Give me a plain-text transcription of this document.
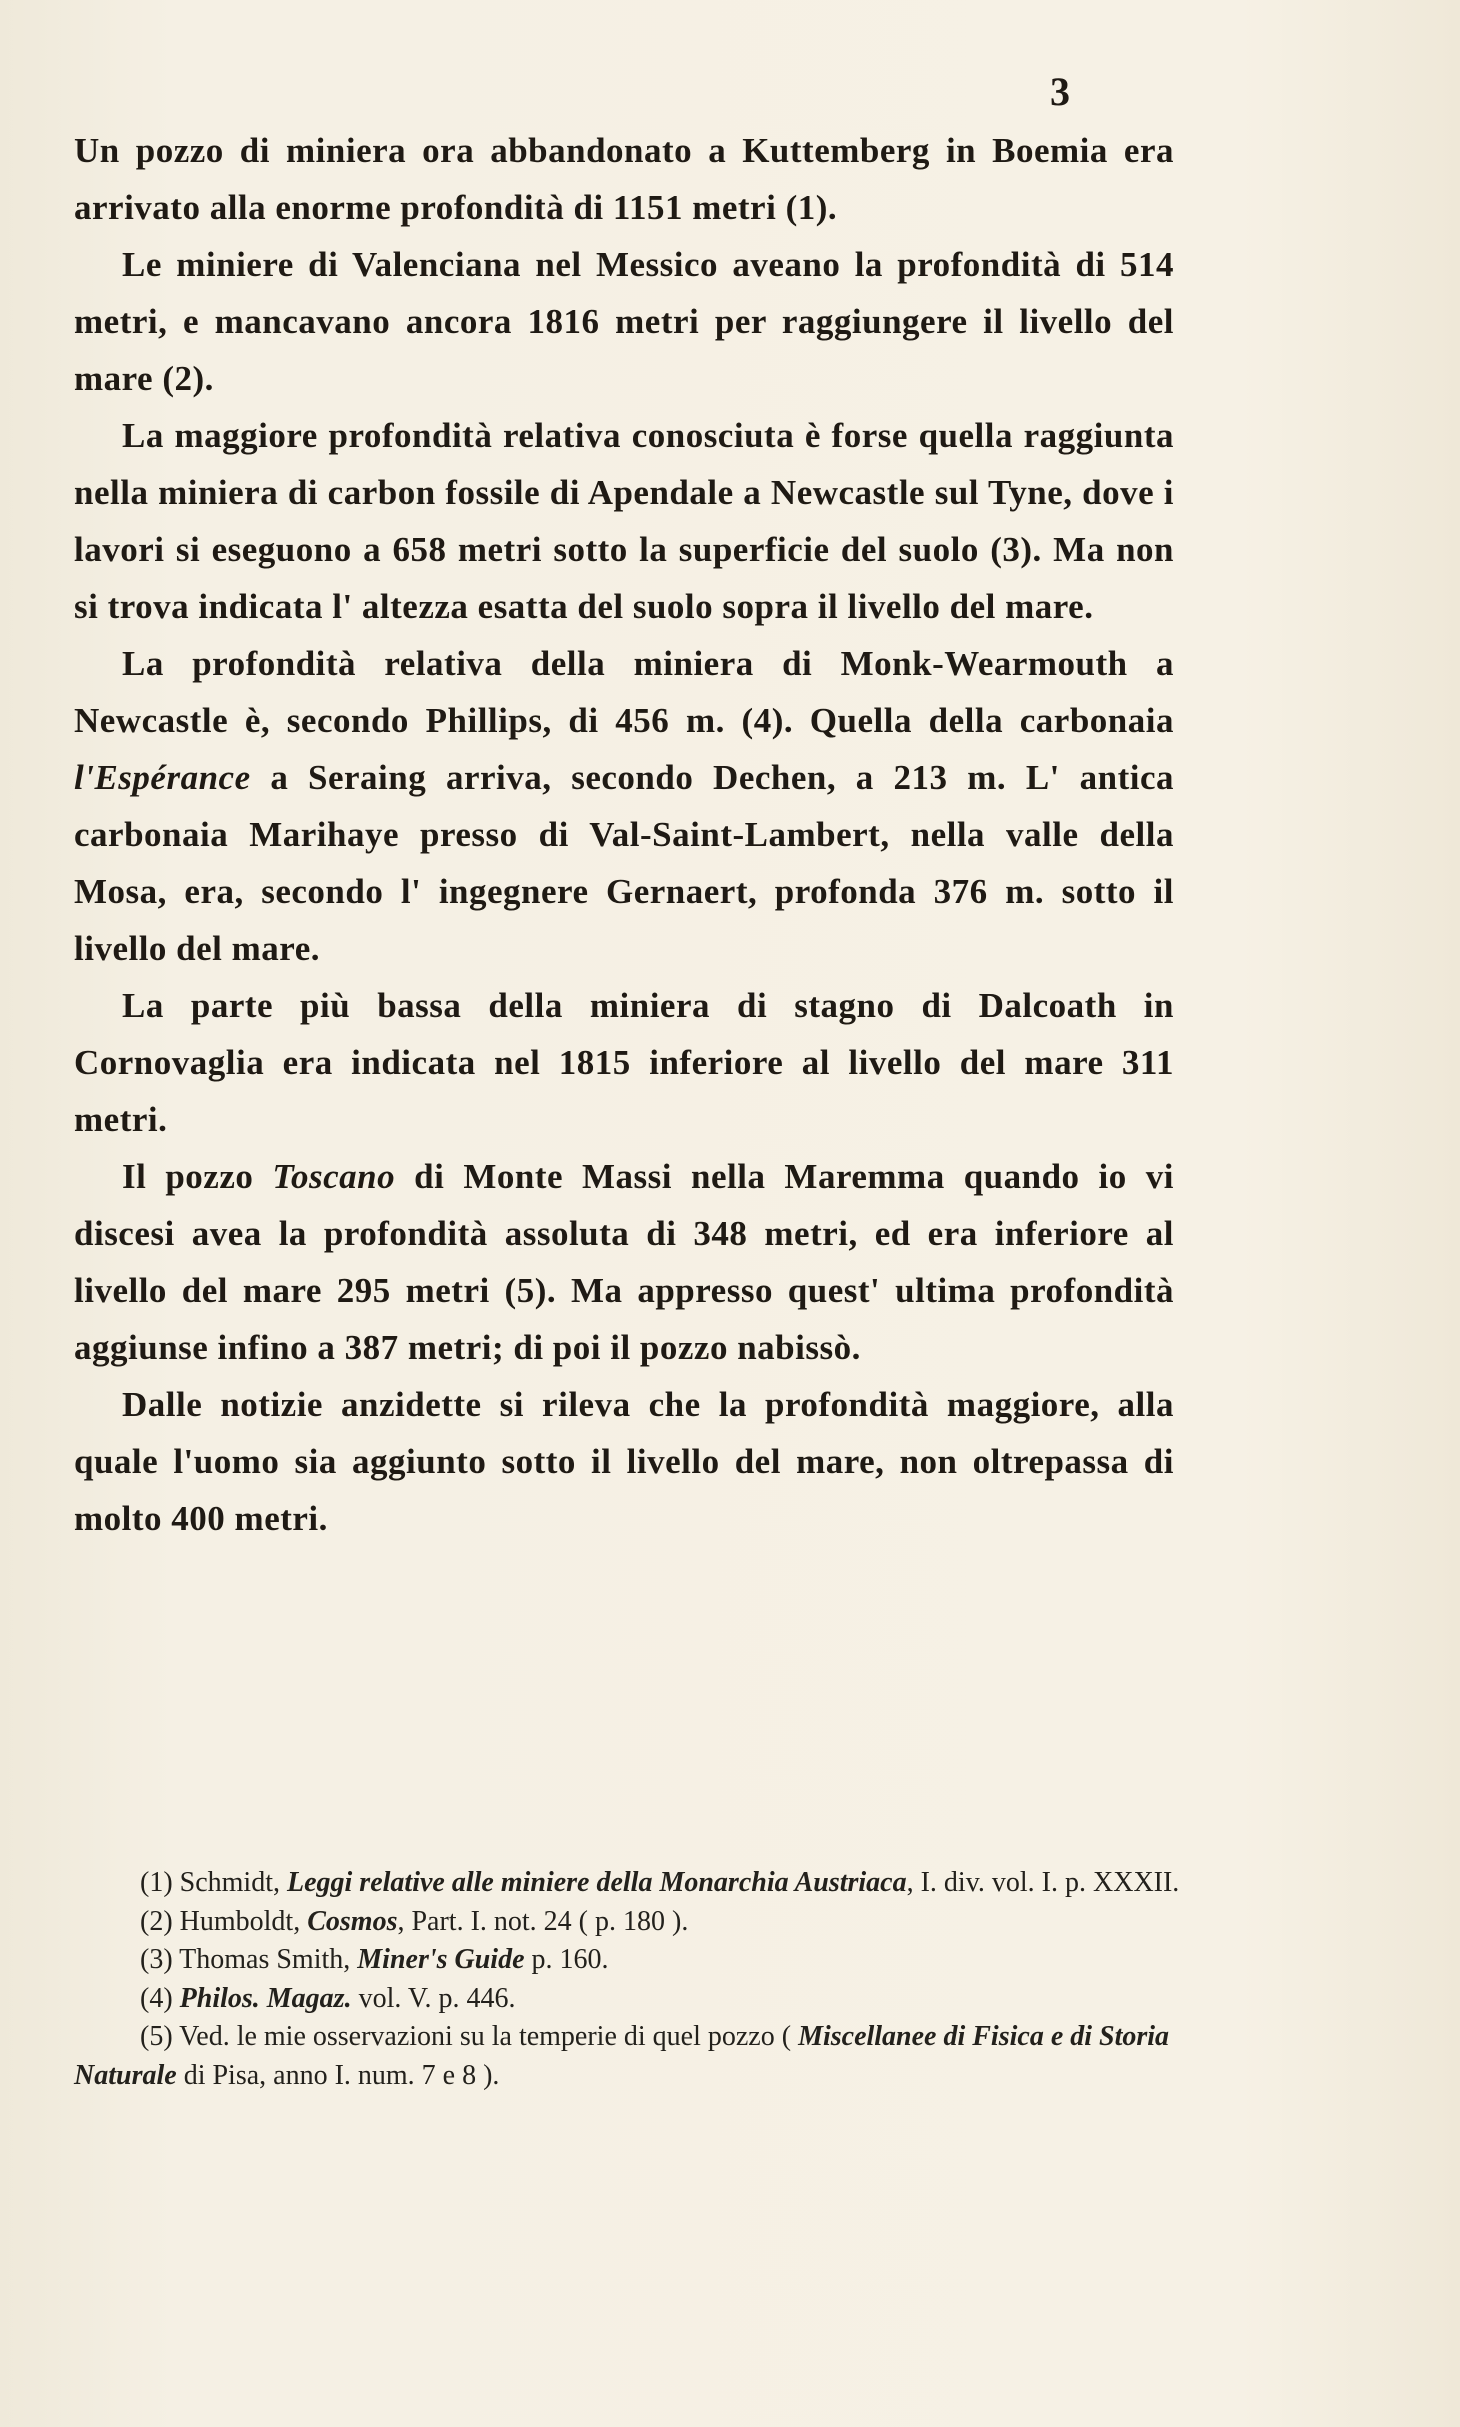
3

Un pozzo di miniera ora abbandonato a Kuttemberg in Boemia era arrivato alla enorme profondità di 1151 metri (1).

Le miniere di Valenciana nel Messico aveano la profondità di 514 metri, e mancavano ancora 1816 metri per raggiungere il livello del mare (2).

La maggiore profondità relativa conosciuta è forse quella raggiunta nella miniera di carbon fossile di Apendale a Newcastle sul Tyne, dove i lavori si eseguono a 658 metri sotto la superficie del suolo (3). Ma non si trova indicata l' altezza esatta del suolo sopra il livello del mare.

La profondità relativa della miniera di Monk-Wearmouth a Newcastle è, secondo Phillips, di 456 m. (4). Quella della carbonaia l'Espérance a Seraing arriva, secondo Dechen, a 213 m. L' antica carbonaia Marihaye presso di Val-Saint-Lambert, nella valle della Mosa, era, secondo l' ingegnere Gernaert, profonda 376 m. sotto il livello del mare.

La parte più bassa della miniera di stagno di Dalcoath in Cornovaglia era indicata nel 1815 inferiore al livello del mare 311 metri.

Il pozzo Toscano di Monte Massi nella Maremma quando io vi discesi avea la profondità assoluta di 348 metri, ed era inferiore al livello del mare 295 metri (5). Ma appresso quest' ultima profondità aggiunse infino a 387 metri; di poi il pozzo nabissò.

Dalle notizie anzidette si rileva che la profondità maggiore, alla quale l'uomo sia aggiunto sotto il livello del mare, non oltrepassa di molto 400 metri.

(1) Schmidt, Leggi relative alle miniere della Monarchia Austriaca, I. div. vol. I. p. XXXII.

(2) Humboldt, Cosmos, Part. I. not. 24 ( p. 180 ).

(3) Thomas Smith, Miner's Guide p. 160.

(4) Philos. Magaz. vol. V. p. 446.

(5) Ved. le mie osservazioni su la temperie di quel pozzo ( Miscellanee di Fisica e di Storia Naturale di Pisa, anno I. num. 7 e 8 ).
